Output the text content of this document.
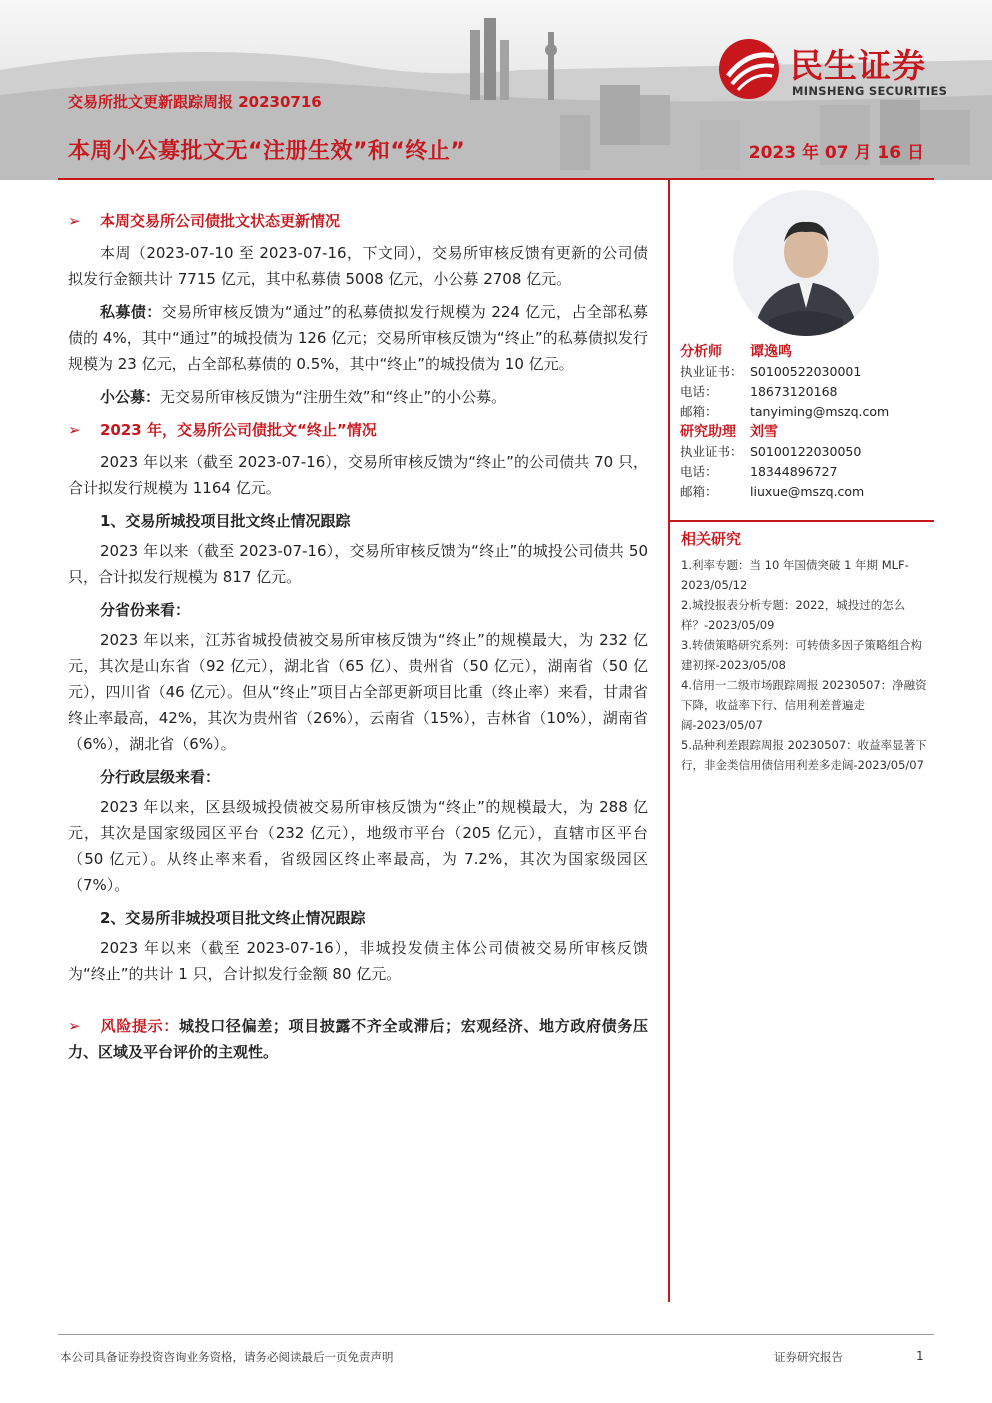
交易所批文更新跟踪周报 20230716
本周小公募批文无“注册生效”和“终止”	2023 年 07 月 16 日
民生证券
MINSHENG SECURITIES
➢ 本周交易所公司债批文状态更新情况
本周（2023-07-10 至 2023-07-16，下文同），交易所审核反馈有更新的公司债拟发行金额共计 7715 亿元，其中私募债 5008 亿元，小公募 2708 亿元。
私募债：交易所审核反馈为“通过”的私募债拟发行规模为 224 亿元，占全部私募债的 4%，其中“通过”的城投债为 126 亿元；交易所审核反馈为“终止”的私募债拟发行规模为 23 亿元，占全部私募债的 0.5%，其中“终止”的城投债为 10 亿元。
小公募：无交易所审核反馈为“注册生效”和“终止”的小公募。
➢ 2023 年，交易所公司债批文“终止”情况
2023 年以来（截至 2023-07-16），交易所审核反馈为“终止”的公司债共 70 只，合计拟发行规模为 1164 亿元。
1、交易所城投项目批文终止情况跟踪
2023 年以来（截至 2023-07-16），交易所审核反馈为“终止”的城投公司债共 50 只，合计拟发行规模为 817 亿元。
分省份来看：
2023 年以来，江苏省城投债被交易所审核反馈为“终止”的规模最大，为 232 亿元，其次是山东省（92 亿元），湖北省（65 亿）、贵州省（50 亿元），湖南省（50 亿元），四川省（46 亿元）。但从“终止”项目占全部更新项目比重（终止率）来看，甘肃省终止率最高，42%，其次为贵州省（26%），云南省（15%），吉林省（10%），湖南省（6%），湖北省（6%）。
分行政层级来看：
2023 年以来，区县级城投债被交易所审核反馈为“终止”的规模最大，为 288 亿元，其次是国家级园区平台（232 亿元），地级市平台（205 亿元），直辖市区平台（50 亿元）。从终止率来看，省级园区终止率最高，为 7.2%，其次为国家级园区（7%）。
2、交易所非城投项目批文终止情况跟踪
2023 年以来（截至 2023-07-16），非城投发债主体公司债被交易所审核反馈为“终止”的共计 1 只，合计拟发行金额 80 亿元。
➢ 风险提示：城投口径偏差；项目披露不齐全或滞后；宏观经济、地方政府债务压力、区域及平台评价的主观性。
分析师 谭逸鸣
执业证书： S0100522030001
电话：	18673120168
邮箱：	tanyiming@mszq.com
研究助理 刘雪
执业证书： S0100122030050
电话：	18344896727
邮箱：	liuxue@mszq.com
相关研究
1.利率专题：当 10 年国债突破 1 年期 MLF-2023/05/12
2.城投报表分析专题：2022，城投过的怎么样？-2023/05/09
3.转债策略研究系列：可转债多因子策略组合构建初探-2023/05/08
4.信用一二级市场跟踪周报 20230507：净融资下降，收益率下行、信用利差普遍走阔-2023/05/07
5.品种利差跟踪周报 20230507：收益率显著下行，非金类信用债信用利差多走阔-2023/05/07
本公司具备证券投资咨询业务资格，请务必阅读最后一页免责声明	证券研究报告	1
